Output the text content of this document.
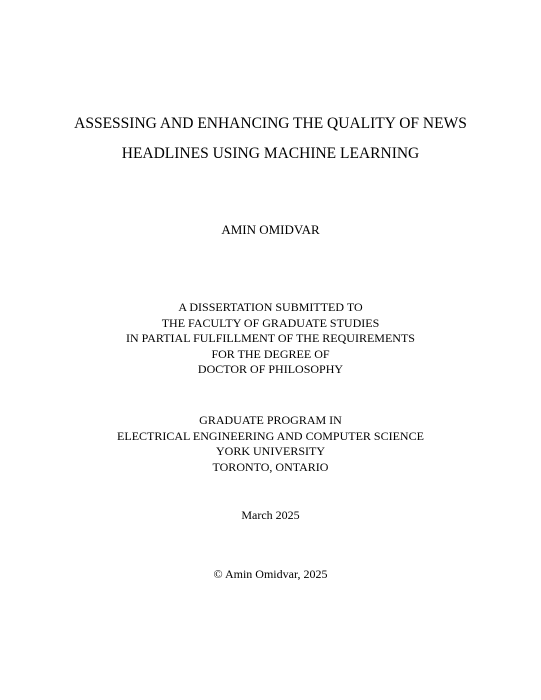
ASSESSING AND ENHANCING THE QUALITY OF NEWS
HEADLINES USING MACHINE LEARNING
AMIN OMIDVAR
A DISSERTATION SUBMITTED TO
THE FACULTY OF GRADUATE STUDIES
IN PARTIAL FULFILLMENT OF THE REQUIREMENTS
FOR THE DEGREE OF
DOCTOR OF PHILOSOPHY
GRADUATE PROGRAM IN
ELECTRICAL ENGINEERING AND COMPUTER SCIENCE
YORK UNIVERSITY
TORONTO, ONTARIO
March 2025
© Amin Omidvar, 2025
